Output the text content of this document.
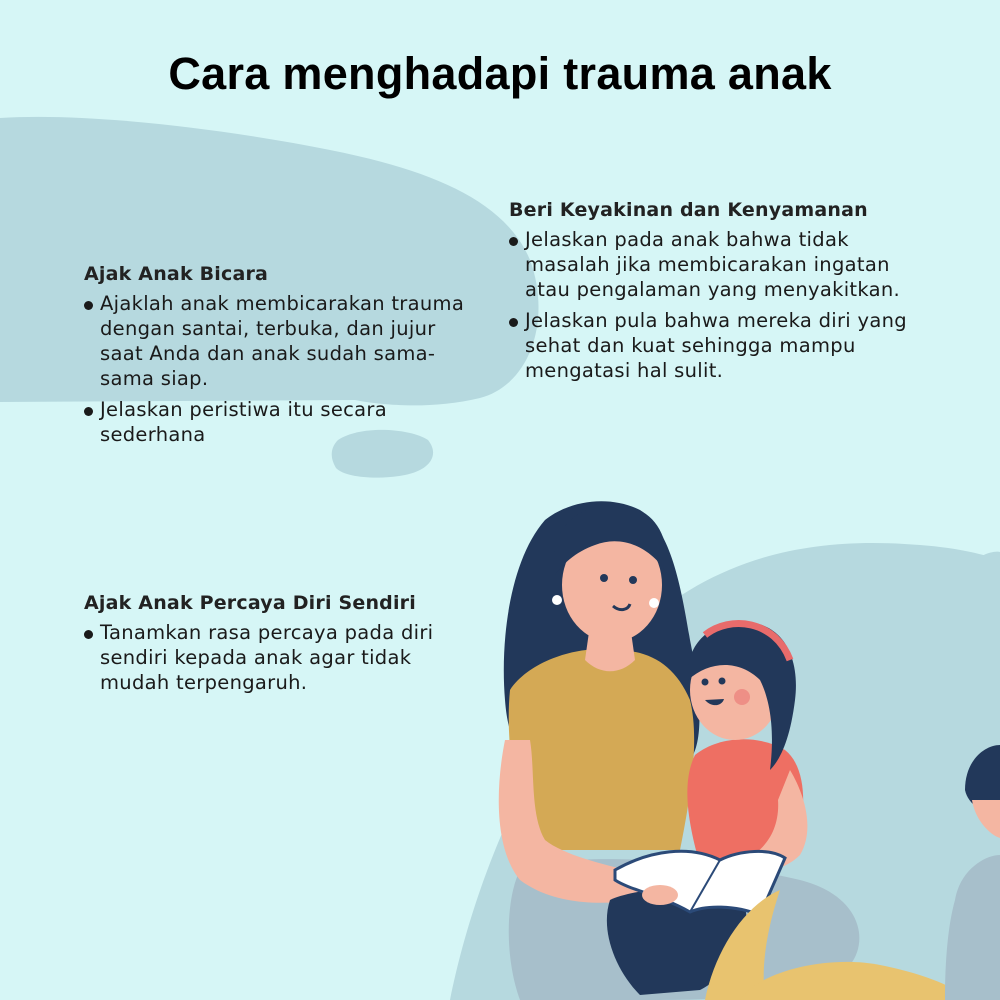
Cara menghadapi trauma anak
Ajak Anak Bicara
Ajaklah anak membicarakan trauma dengan santai, terbuka, dan jujur saat Anda dan anak sudah sama-sama siap.
Jelaskan peristiwa itu secara sederhana
Beri Keyakinan dan Kenyamanan
Jelaskan pada anak bahwa tidak masalah jika membicarakan ingatan atau pengalaman yang menyakitkan.
Jelaskan pula bahwa mereka diri yang sehat dan kuat sehingga mampu mengatasi hal sulit.
Ajak Anak Percaya Diri Sendiri
Tanamkan rasa percaya pada diri sendiri kepada anak agar tidak mudah terpengaruh.
